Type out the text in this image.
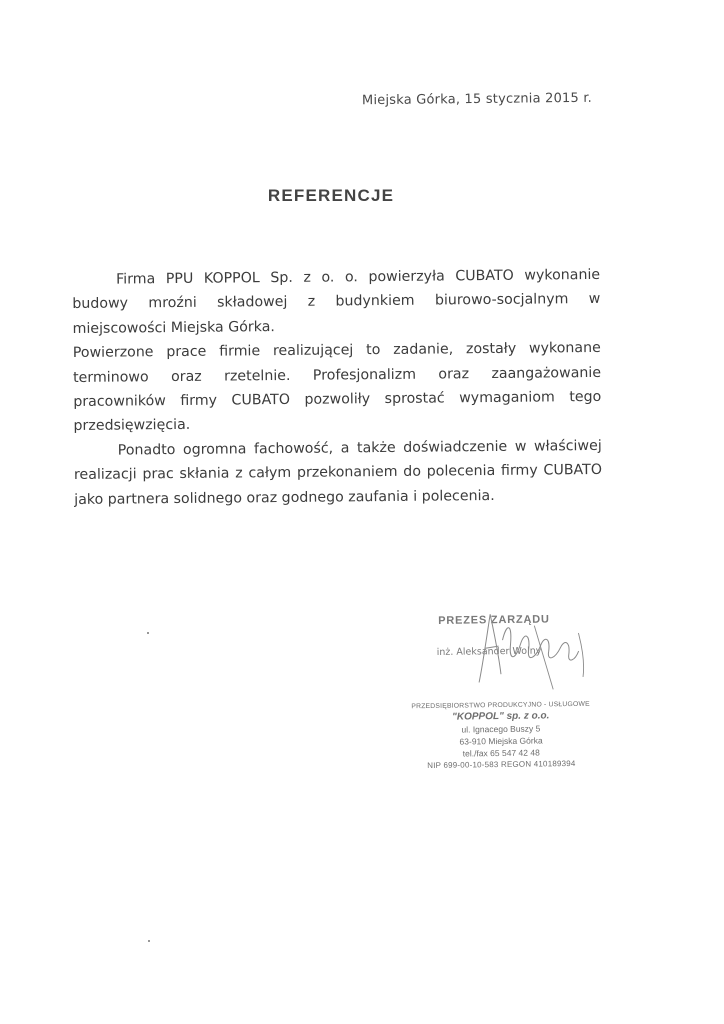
Miejska Górka, 15 stycznia 2015 r.
REFERENCJE

Firma PPU KOPPOL Sp. z o. o. powierzyła CUBATO wykonanie budowy mroźni składowej z budynkiem biurowo-socjalnym w miejscowości Miejska Górka.

Powierzone prace firmie realizującej to zadanie, zostały wykonane terminowo oraz rzetelnie. Profesjonalizm oraz zaangażowanie pracowników firmy CUBATO pozwoliły sprostać wymaganiom tego przedsięwzięcia.

Ponadto ogromna fachowość, a także doświadczenie w właściwej realizacji prac skłania z całym przekonaniem do polecenia firmy CUBATO jako partnera solidnego oraz godnego zaufania i polecenia.

PREZES ZARZĄDU
inż. Aleksander Wolny
PRZEDSIĘBIORSTWO PRODUKCYJNO - USŁUGOWE
"KOPPOL" sp. z o.o.
ul. Ignacego Buszy 5
63-910 Miejska Górka
tel./fax 65 547 42 48
NIP 699-00-10-583 REGON 410189394
